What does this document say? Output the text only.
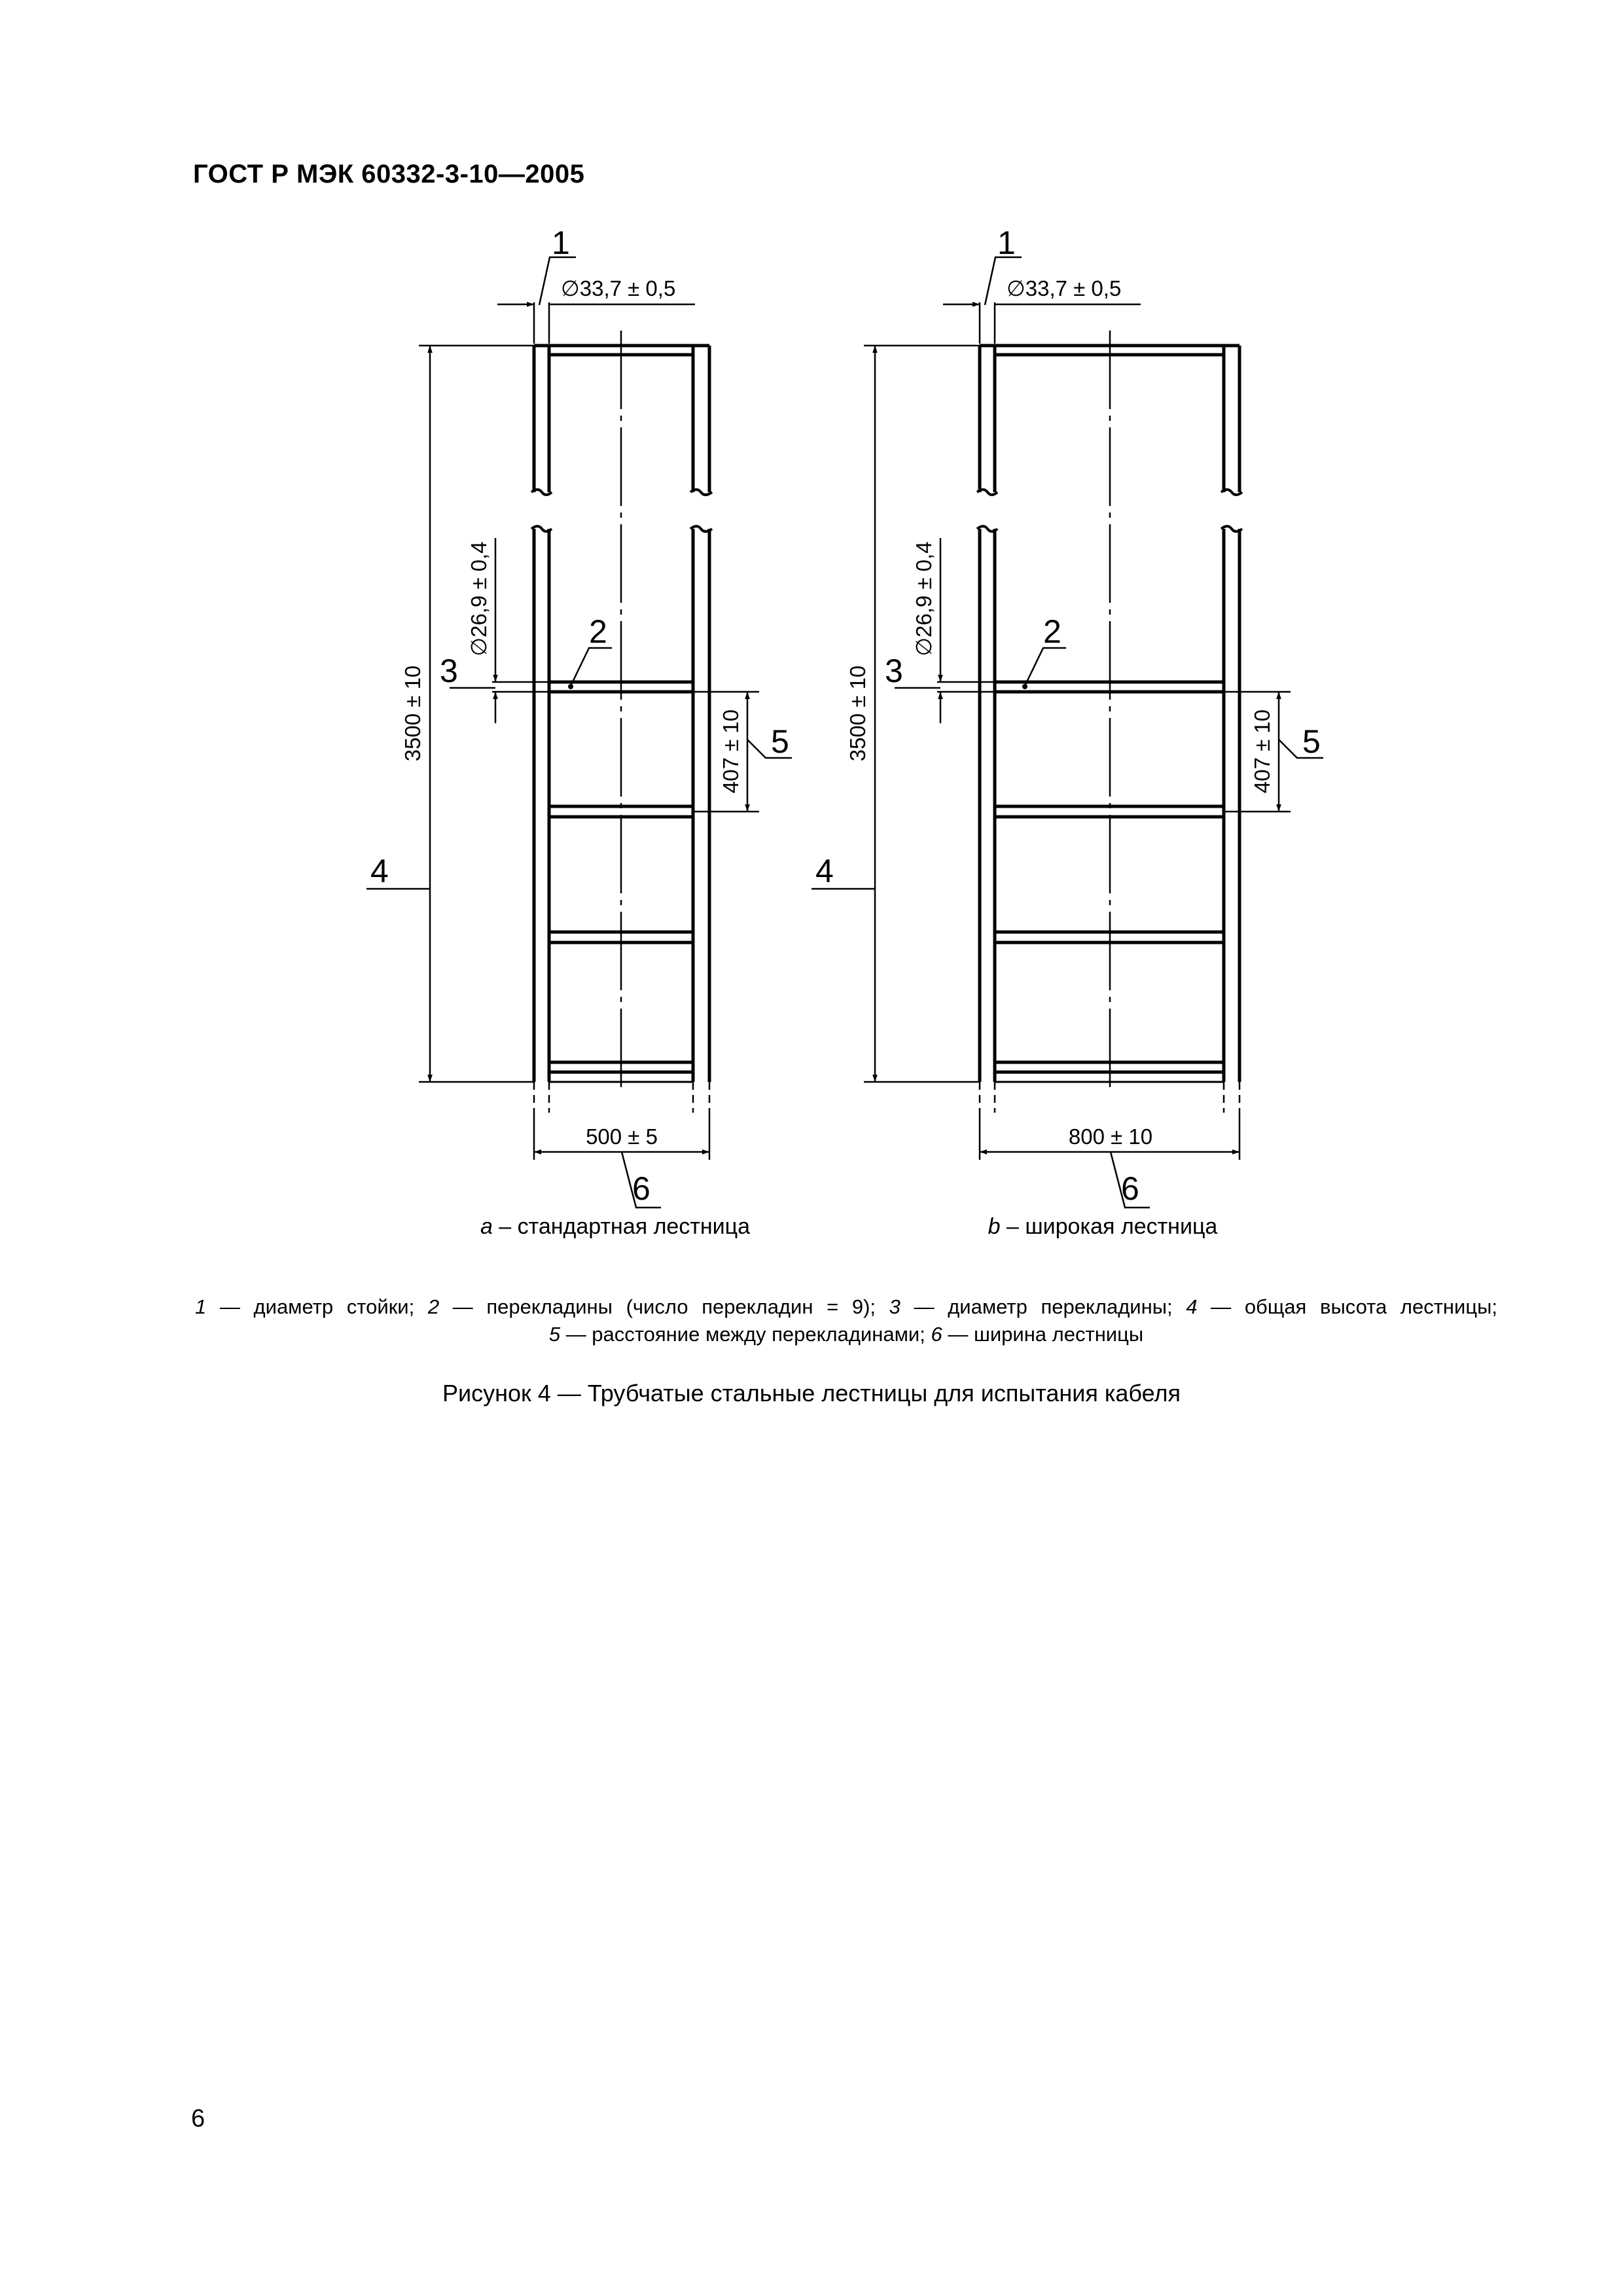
ГОСТ Р МЭК 60332-3-10—2005
1
∅33,7 ± 0,5
2
3
4
5
6
3500 ± 10
∅26,9 ± 0,4
407 ± 10
500 ± 5
a – стандартная лестница
1
∅33,7 ± 0,5
2
3
4
5
6
3500 ± 10
∅26,9 ± 0,4
407 ± 10
800 ± 10
b – широкая лестница
1 — диаметр стойки; 2 — перекладины (число перекладин = 9); 3 — диаметр перекладины; 4 — общая высота лестницы;
5 — расстояние между перекладинами; 6 — ширина лестницы
Рисунок 4 — Трубчатые стальные лестницы для испытания кабеля
6
